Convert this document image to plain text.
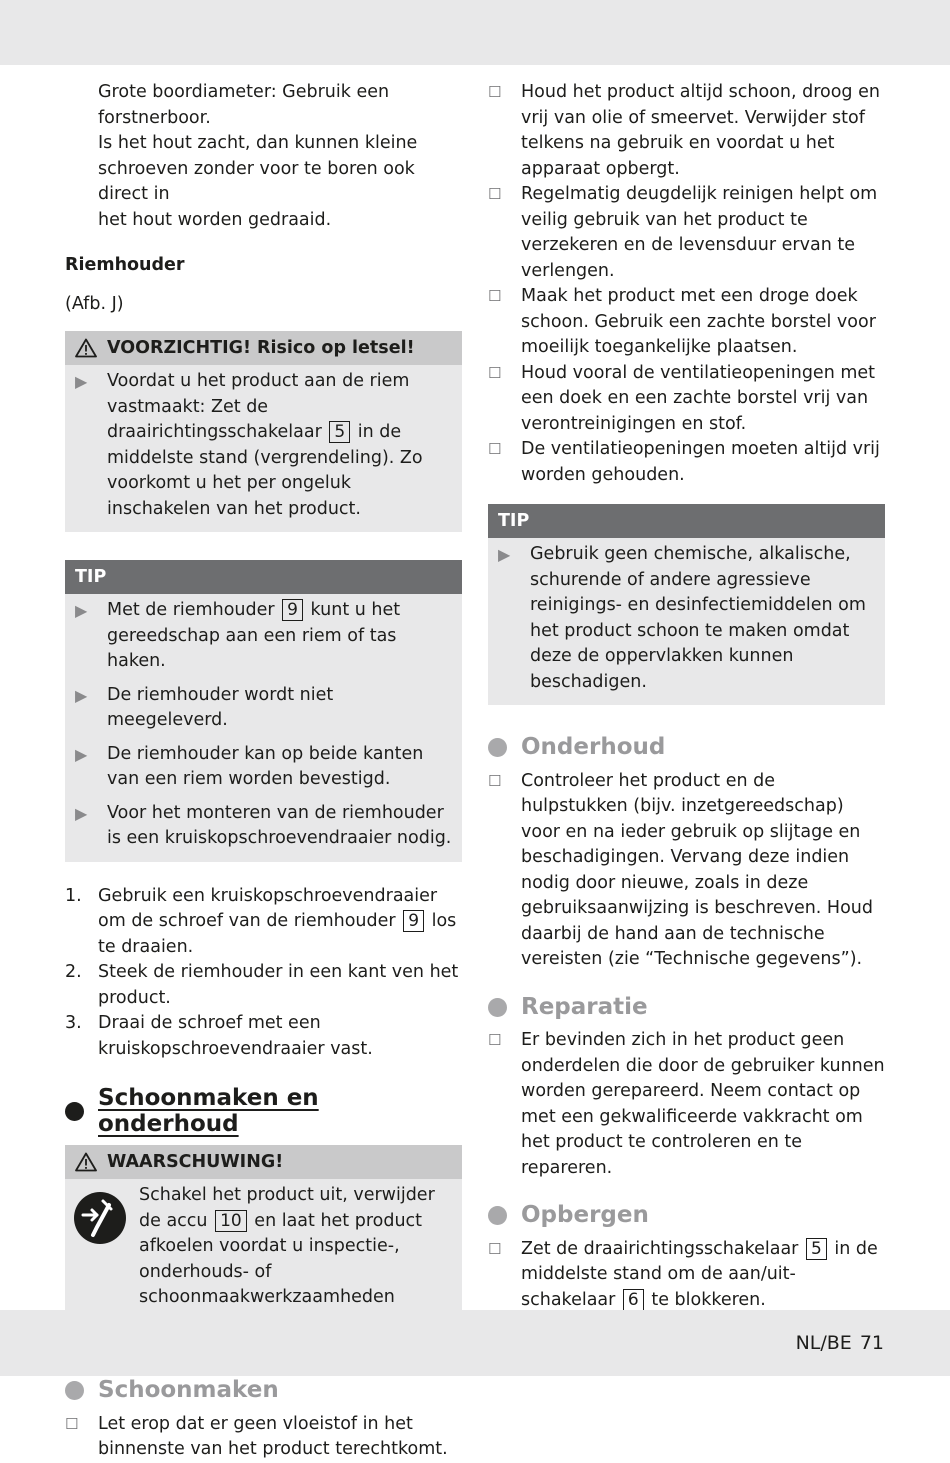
Grote boordiameter: Gebruik een

forstnerboor.

Is het hout zacht, dan kunnen kleine

schroeven zonder voor te boren ook direct in

het hout worden gedraaid.

Riemhouder

(Afb. J)

VOORZICHTIG! Risico op letsel!
▶	Voordat u het product aan de riem vastmaakt: Zet de draairichtingsschakelaar 5 in de middelste stand (vergrendeling). Zo voorkomt u het per ongeluk inschakelen van het product.
TIP
▶	Met de riemhouder 9 kunt u het gereedschap aan een riem of tas haken.
▶	De riemhouder wordt niet meegeleverd.
▶	De riemhouder kan op beide kanten van een riem worden bevestigd.
▶	Voor het monteren van de riemhouder is een kruiskopschroevendraaier nodig.
1. Gebruik een kruiskopschroevendraaier om de schroef van de riemhouder 9 los te draaien.
2. Steek de riemhouder in een kant ven het product.
3. Draai de schroef met een kruiskopschroevendraaier vast.
Schoonmaken en onderhoud
WAARSCHUWING!
Schakel het product uit, verwijder de accu 10 en laat het product afkoelen voordat u inspectie-, onderhouds- of schoonmaakwerkzaamheden
Schoonmaken
☐	Let erop dat er geen vloeistof in het binnenste van het product terechtkomt.
☐	Houd het product altijd schoon, droog en vrij van olie of smeervet. Verwijder stof telkens na gebruik en voordat u het apparaat opbergt.
☐	Regelmatig deugdelijk reinigen helpt om veilig gebruik van het product te verzekeren en de levensduur ervan te verlengen.
☐	Maak het product met een droge doek schoon. Gebruik een zachte borstel voor moeilijk toegankelijke plaatsen.
☐	Houd vooral de ventilatieopeningen met een doek en een zachte borstel vrij van verontreinigingen en stof.
☐	De ventilatieopeningen moeten altijd vrij worden gehouden.
TIP
▶	Gebruik geen chemische, alkalische, schurende of andere agressieve reinigings- en desinfectiemiddelen om het product schoon te maken omdat deze de oppervlakken kunnen beschadigen.
Onderhoud
☐	Controleer het product en de hulpstukken (bijv. inzetgereedschap) voor en na ieder gebruik op slijtage en beschadigingen. Vervang deze indien nodig door nieuwe, zoals in deze gebruiksaanwijzing is beschreven. Houd daarbij de hand aan de technische vereisten (zie “Technische gegevens”).
Reparatie
☐	Er bevinden zich in het product geen onderdelen die door de gebruiker kunnen worden gerepareerd. Neem contact op met een gekwalificeerde vakkracht om het product te controleren en te repareren.
Opbergen
☐	Zet de draairichtingsschakelaar 5 in de middelste stand om de aan/uit-schakelaar 6 te blokkeren.
NL/BE 71
